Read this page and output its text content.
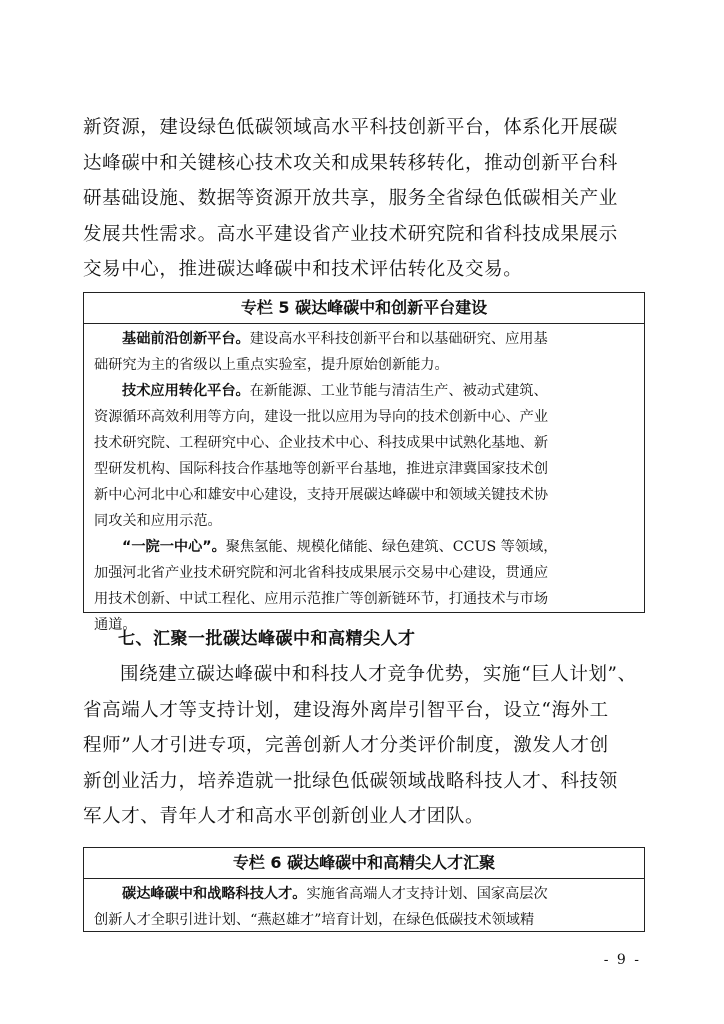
新资源，建设绿色低碳领域高水平科技创新平台，体系化开展碳
达峰碳中和关键核心技术攻关和成果转移转化，推动创新平台科
研基础设施、数据等资源开放共享，服务全省绿色低碳相关产业
发展共性需求。高水平建设省产业技术研究院和省科技成果展示
交易中心，推进碳达峰碳中和技术评估转化及交易。
专栏 5 碳达峰碳中和创新平台建设
基础前沿创新平台。建设高水平科技创新平台和以基础研究、应用基
础研究为主的省级以上重点实验室，提升原始创新能力。
技术应用转化平台。在新能源、工业节能与清洁生产、被动式建筑、
资源循环高效利用等方向，建设一批以应用为导向的技术创新中心、产业
技术研究院、工程研究中心、企业技术中心、科技成果中试熟化基地、新
型研发机构、国际科技合作基地等创新平台基地，推进京津冀国家技术创
新中心河北中心和雄安中心建设，支持开展碳达峰碳中和领域关键技术协
同攻关和应用示范。
“一院一中心”。聚焦氢能、规模化储能、绿色建筑、CCUS 等领域，
加强河北省产业技术研究院和河北省科技成果展示交易中心建设，贯通应
用技术创新、中试工程化、应用示范推广等创新链环节，打通技术与市场
通道。
七、汇聚一批碳达峰碳中和高精尖人才
围绕建立碳达峰碳中和科技人才竞争优势，实施“巨人计划”、
省高端人才等支持计划，建设海外离岸引智平台，设立“海外工
程师”人才引进专项，完善创新人才分类评价制度，激发人才创
新创业活力，培养造就一批绿色低碳领域战略科技人才、科技领
军人才、青年人才和高水平创新创业人才团队。
专栏 6 碳达峰碳中和高精尖人才汇聚
碳达峰碳中和战略科技人才。实施省高端人才支持计划、国家高层次
创新人才全职引进计划、“燕赵雄才”培育计划，在绿色低碳技术领域精
- 9 -
